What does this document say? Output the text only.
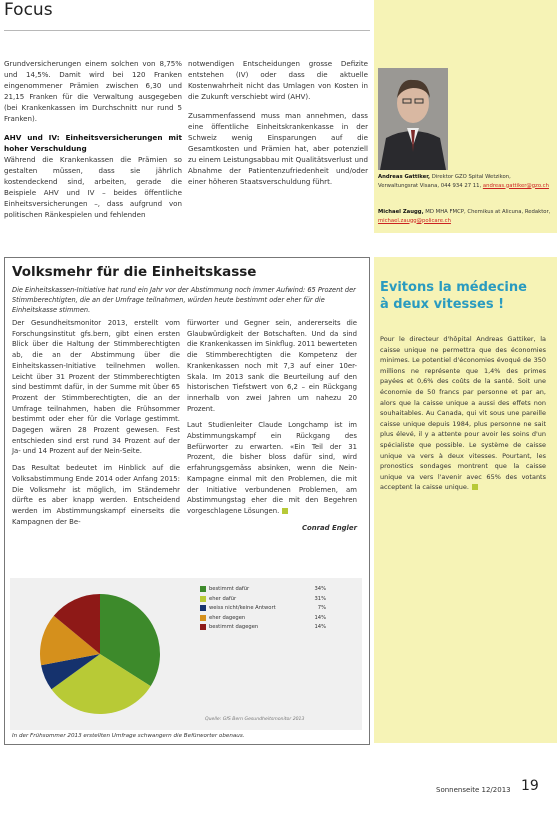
Focus

Grundversicherungen einem solchen von 8,75% und 14,5%. Damit wird bei 120 Franken eingenommener Prämien zwischen 6,30 und 21,15 Franken für die Verwaltung ausgegeben (bei Krankenkassen im Durchschnitt nur rund 5 Franken).

AHV und IV: Einheitsversicherungen mit hoher Verschuldung

Während die Krankenkassen die Prämien so gestalten müssen, dass sie jährlich kostendeckend sind, arbeiten, gerade die Beispiele AHV und IV – beides öffentliche Einheitsversicherungen –, dass aufgrund von politischen Ränkespielen und fehlenden

notwendigen Entscheidungen grosse Defizite entstehen (IV) oder dass die aktuelle Kostenwahrheit nicht das Umlagen von Kosten in die Zukunft verschiebt wird (AHV).

Zusammenfassend muss man annehmen, dass eine öffentliche Einheitskrankenkasse in der Schweiz wenig Einsparungen auf die Gesamtkosten und Prämien hat, aber potenziell zu einem Leistungsabbau mit Qualitätsverlust und Abnahme der Patientenzufriedenheit und/oder einer höheren Staatsverschuldung führt.	Andreas Gattiker, Direktor GZO Spital Wetzikon, Verwaltungsrat Visana, 044 934 27 11, andreas.gattiker@gzo.ch
Michael Zaugg, MD MHA FMCP, Chemikus at Alicuna, Redaktor, michael.zaugg@policare.ch
Volksmehr für die Einheitskasse
Die Einheitskassen-Initiative hat rund ein Jahr vor der Abstimmung noch immer Aufwind: 65 Prozent der Stimmberechtigten, die an der Umfrage teilnahmen, würden heute bestimmt oder eher für die Einheitskasse stimmen.

Der Gesundheitsmonitor 2013, erstellt vom Forschungsinstitut gfs.bern, gibt einen ersten Blick über die Haltung der Stimmberechtigten ab, die an der Abstimmung über die Einheitskassen-Initiative teilnehmen wollen. Leicht über 31 Prozent der Stimmberechtigten sind bestimmt dafür, in der Summe mit über 65 Prozent der Stimmberechtigten, die an der Umfrage teilnahmen, haben die Frühsommer bestimmt oder eher für die Vorlage gestimmt. Dagegen wären 28 Prozent gewesen. Fest entschieden sind erst rund 34 Prozent auf der Ja- und 14 Prozent auf der Nein-Seite.

Das Resultat bedeutet im Hinblick auf die Volksabstimmung Ende 2014 oder Anfang 2015: Die Volksmehr ist möglich, im Ständemehr dürfte es aber knapp werden. Entscheidend werden im Abstimmungskampf einerseits die Kampagnen der Be-

fürworter und Gegner sein, andererseits die Glaubwürdigkeit der Botschaften. Und da sind die Krankenkassen im Sinkflug. 2011 bewerteten die Stimmberechtigten die Kompetenz der Krankenkassen noch mit 7,3 auf einer 10er-Skala. Im 2013 sank die Beurteilung auf den historischen Tiefstwert von 6,2 – ein Rückgang innerhalb von zwei Jahren um nahezu 20 Prozent.

Laut Studienleiter Claude Longchamp ist im Abstimmungskampf ein Rückgang des Befürworter zu erwarten. «Ein Teil der 31 Prozent, die bisher bloss dafür sind, wird erfahrungsgemäss absinken, wenn die Nein-Kampagne einmal mit den Problemen, die mit der Initiative verbundenen Problemen, am Abstimmungstag eher die mit den Begehren vorgeschlagene Lösungen.

Conrad Engler
bestimmt dafür	34%
eher dafür	31%
weiss nicht/keine Antwort	7%
eher dagegen	14%
bestimmt dagegen	14%
Quelle: GfS Bern Gesundheitsmonitor 2013
In der Frühsommer 2013 erstellten Umfrage schwangern die Befürworter obenaus.
Evitons la médecine
à deux vitesses !
Pour le directeur d'hôpital Andreas Gattiker, la caisse unique ne permettra que des économies minimes. Le potentiel d'économies évoqué de 350 millions ne représente que 1,4% des primes payées et 0,6% des coûts de la santé. Soit une économie de 50 francs par personne et par an, alors que la caisse unique a aussi des effets non souhaitables. Au Canada, qui vit sous une pareille caisse unique depuis 1984, plus personne ne sait plus élevé, il y a attente pour avoir les soins d'un spécialiste que possible. Le système de caisse unique va vers à deux vitesses. Pourtant, les pronostics sondages montrent que la caisse unique va vers l'avenir avec 65% des votants acceptent la caisse unique.
Sonnenseite 12/2013 19
